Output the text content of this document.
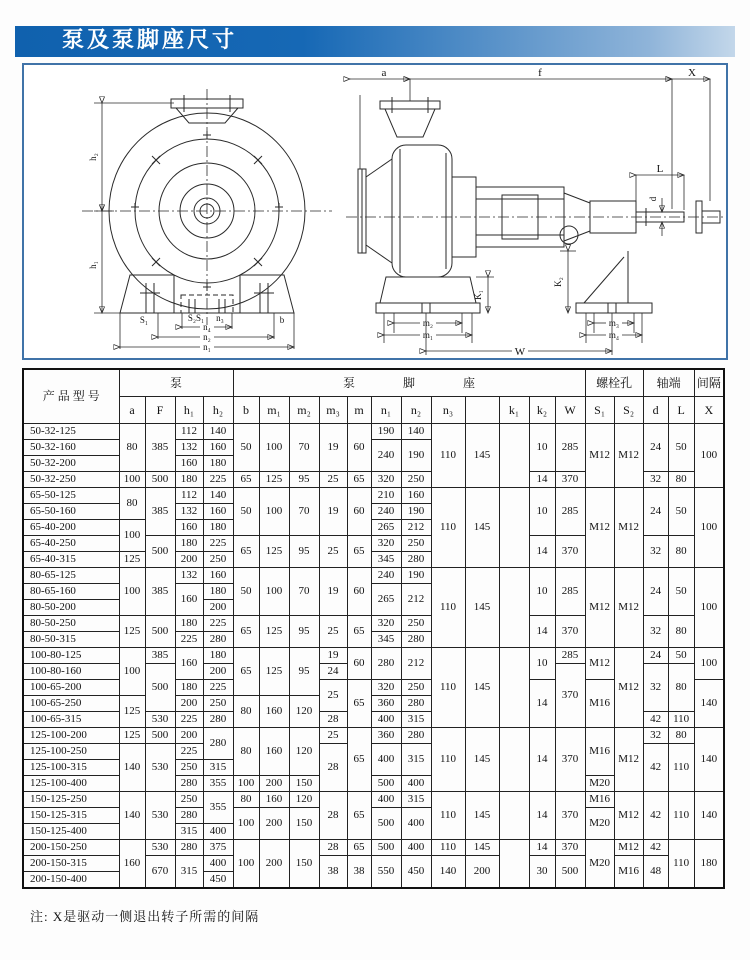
泵及泵脚座尺寸
h₂
h₁
S₁	S₂S₁ n₃	b
n₄
n₂
n₁
a	f	X
L
d
K₁
K₂
m₂
m₁
m₃
m₄
W
产 品 型 号	泵				泵　　　　脚　　　　座												螺栓孔		轴端		间隔
	a	F	h₁	h₂	b	m₁	m₂	m₃	m	n₁	n₂	n₃		k₁	k₂	W	S₁	S₂	d	L	X
50-32-125	80	385	112	140	50	100	70	19	60	190	140	110	145		10	285	M12	M12	24	50	100
50-32-160			132	160						240	190										
50-32-200			160	180																	
50-32-250	100	500	180	225	65	125	95	25	65	320	250				14	370			32	80	
65-50-125	80	385	112	140	50	100	70	19	60	210	160	110	145		10	285	M12	M12	24	50	100
65-50-160			132	160						240	190										
65-40-200	100		160	180						265	212										
65-40-250		500	180	225	65	125	95	25	65	320	250				14	370			32	80	
65-40-315	125		200	250						345	280										
80-65-125	100	385	132	160	50	100	70	19	60	240	190	110	145		10	285	M12	M12	24	50	100
80-65-160			160	180						265	212										
80-50-200				200																	
80-50-250	125	500	180	225	65	125	95	25	65	320	250				14	370			32	80	
80-50-315			225	280						345	280										
100-80-125	100	385	160	180	65	125	95	19	60	280	212	110	145		10	285	M12	M12	24	50	100
100-80-160		500		200				24								370			32	80	
100-65-200			180	225				25	65	320	250				14		M16				140
100-65-250	125		200	250	80	160	120			360	280										
100-65-315		530	225	280				28		400	315								42	110	
125-100-200	125	500	200	280	80	160	120	25	65	360	280	110	145		14	370	M16	M12	32	80	140
125-100-250	140	530	225					28		400	315								42	110	
125-100-315			250	315																	
125-100-400			280	355	100	200	150			500	400						M20				
150-125-250	140	530	250	355	80	160	120	28	65	400	315	110	145		14	370	M16	M12	42	110	140
150-125-315			280		100	200	150			500	400						M20				
150-125-400			315	400																	
200-150-250	160	530	280	375	100	200	150	28	65	500	400	110	145		14	370	M20	M12	42	110	180
200-150-315		670	315	400				38	38	550	450	140	200		30	500		M16	48		
200-150-400				450																	
注: X是驱动一侧退出转子所需的间隔
